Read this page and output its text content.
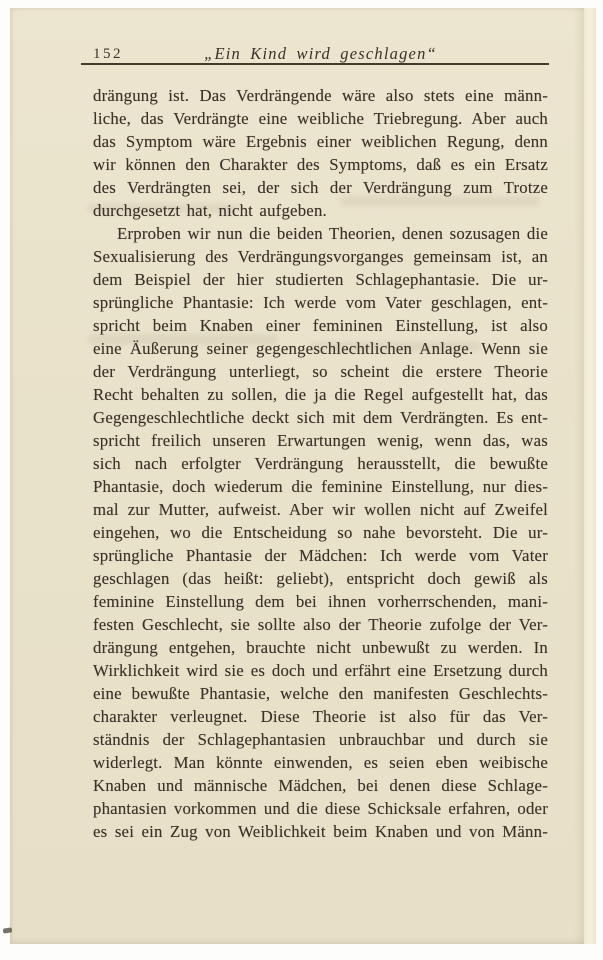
152	„Ein Kind wird geschlagen“
drängung ist. Das Verdrängende wäre also stets eine männ-
liche, das Verdrängte eine weibliche Triebregung. Aber auch
das Symptom wäre Ergebnis einer weiblichen Regung, denn
wir können den Charakter des Symptoms, daß es ein Ersatz
des Verdrängten sei, der sich der Verdrängung zum Trotze
durchgesetzt hat, nicht aufgeben.
Erproben wir nun die beiden Theorien, denen sozusagen die
Sexualisierung des Verdrängungsvorganges gemeinsam ist, an
dem Beispiel der hier studierten Schlagephantasie. Die ur-
sprüngliche Phantasie: Ich werde vom Vater geschlagen, ent-
spricht beim Knaben einer femininen Einstellung, ist also
eine Äußerung seiner gegengeschlechtlichen Anlage. Wenn sie
der Verdrängung unterliegt, so scheint die erstere Theorie
Recht behalten zu sollen, die ja die Regel aufgestellt hat, das
Gegengeschlechtliche deckt sich mit dem Verdrängten. Es ent-
spricht freilich unseren Erwartungen wenig, wenn das, was
sich nach erfolgter Verdrängung herausstellt, die bewußte
Phantasie, doch wiederum die feminine Einstellung, nur dies-
mal zur Mutter, aufweist. Aber wir wollen nicht auf Zweifel
eingehen, wo die Entscheidung so nahe bevorsteht. Die ur-
sprüngliche Phantasie der Mädchen: Ich werde vom Vater
geschlagen (das heißt: geliebt), entspricht doch gewiß als
feminine Einstellung dem bei ihnen vorherrschenden, mani-
festen Geschlecht, sie sollte also der Theorie zufolge der Ver-
drängung entgehen, brauchte nicht unbewußt zu werden. In
Wirklichkeit wird sie es doch und erfährt eine Ersetzung durch
eine bewußte Phantasie, welche den manifesten Geschlechts-
charakter verleugnet. Diese Theorie ist also für das Ver-
ständnis der Schlagephantasien unbrauchbar und durch sie
widerlegt. Man könnte einwenden, es seien eben weibische
Knaben und männische Mädchen, bei denen diese Schlage-
phantasien vorkommen und die diese Schicksale erfahren, oder
es sei ein Zug von Weiblichkeit beim Knaben und von Männ-
